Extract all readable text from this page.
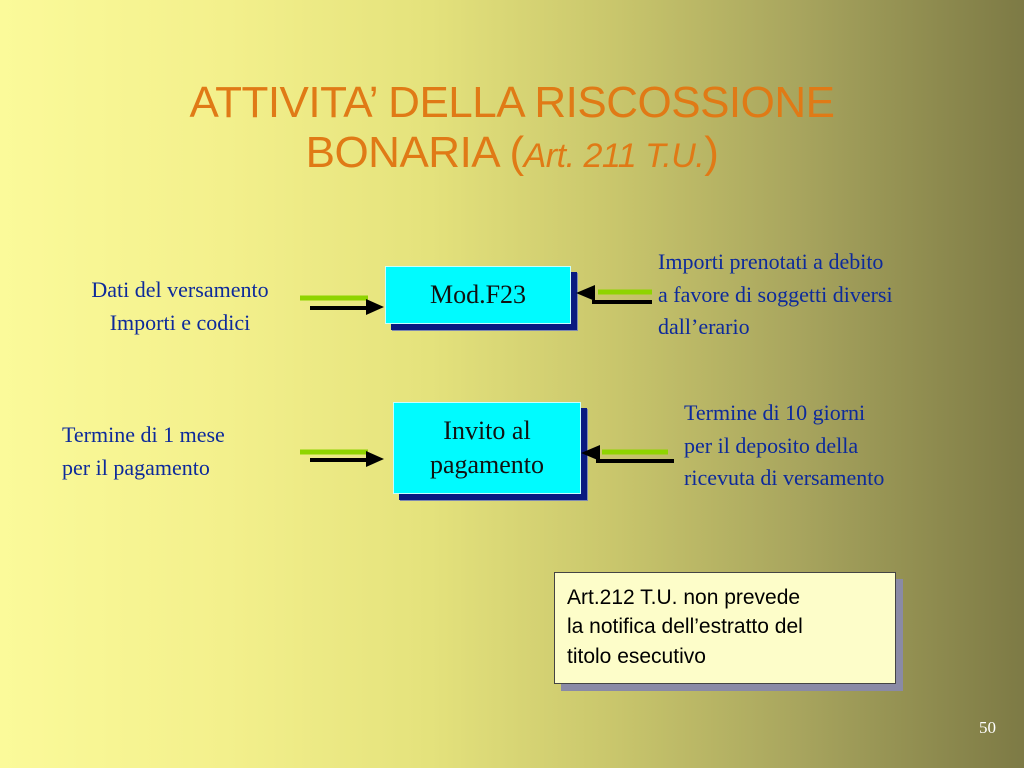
ATTIVITA’ DELLA RISCOSSIONE
BONARIA (Art. 211 T.U.)
Dati del versamento
Importi e codici
Mod.F23
Importi prenotati a debito
a favore di soggetti diversi
dall’erario
Termine di 1 mese
per il pagamento
Invito al
pagamento
Termine di 10 giorni
per il deposito della
ricevuta di versamento
Art.212 T.U. non prevede
la notifica dell’estratto del
titolo esecutivo
50
